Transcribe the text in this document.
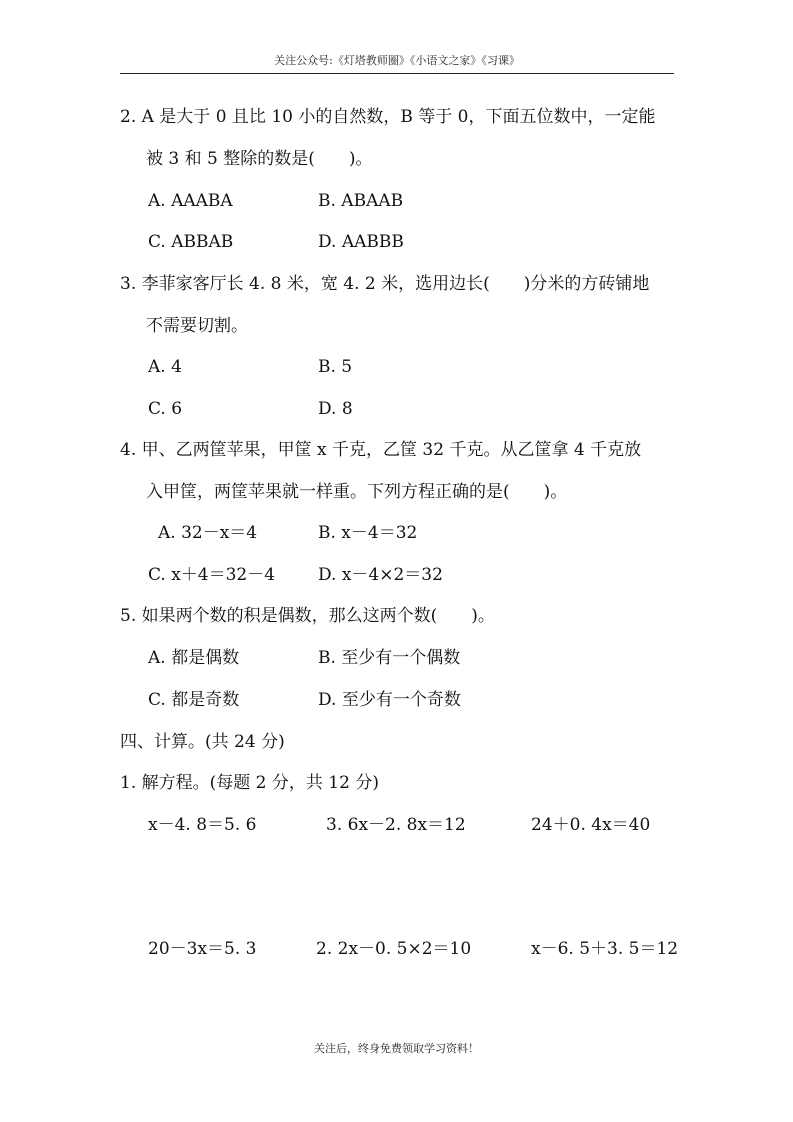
关注公众号:《灯塔教师圈》《小语文之家》《习课》
2. A 是大于 0 且比 10 小的自然数，B 等于 0，下面五位数中，一定能
被 3 和 5 整除的数是(　　)。
A. AAABA	B. ABAAB
C. ABBAB	D. AABBB
3. 李菲家客厅长 4. 8 米，宽 4. 2 米，选用边长(　　)分米的方砖铺地
不需要切割。
A. 4	B. 5
C. 6	D. 8
4. 甲、乙两筐苹果，甲筐 x 千克，乙筐 32 千克。从乙筐拿 4 千克放
入甲筐，两筐苹果就一样重。下列方程正确的是(　　)。
A. 32－x＝4	B. x－4＝32
C. x＋4＝32－4	D. x－4×2＝32
5. 如果两个数的积是偶数，那么这两个数(　　)。
A. 都是偶数	B. 至少有一个偶数
C. 都是奇数	D. 至少有一个奇数
四、计算。(共 24 分)
1. 解方程。(每题 2 分，共 12 分)
x－4. 8＝5. 6	3. 6x－2. 8x＝12	24＋0. 4x＝40
20－3x＝5. 3	2. 2x－0. 5×2＝10	x－6. 5＋3. 5＝12
关注后，终身免费领取学习资料！
